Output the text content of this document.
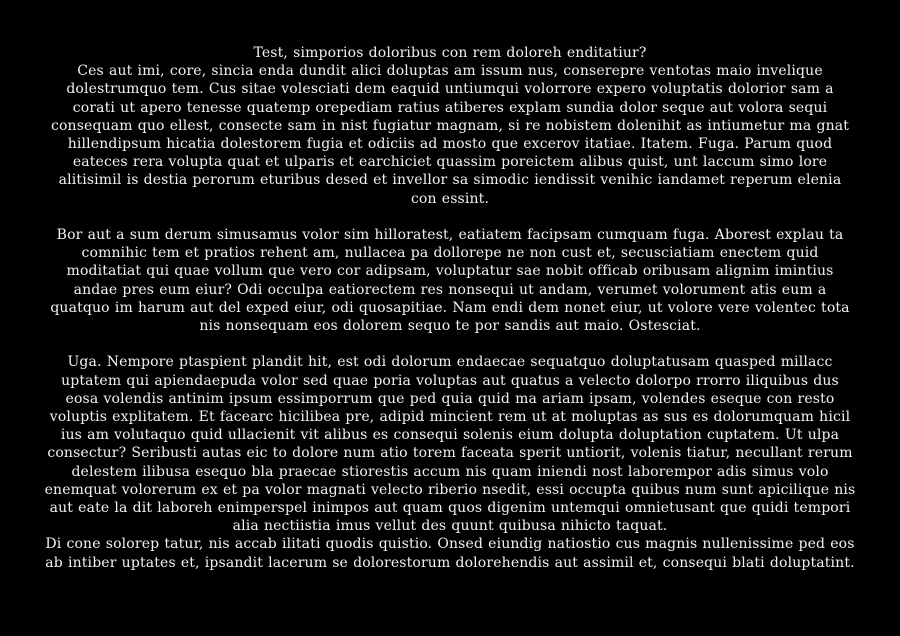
Test, simporios doloribus con rem doloreh enditatiur?

Ces aut imi, core, sincia enda dundit alici doluptas am issum nus, conserepre ventotas maio invelique dolestrumquo tem. Cus sitae volesciati dem eaquid untiumqui volorrore expero voluptatis dolorior sam a corati ut apero tenesse quatemp orepediam ratius atiberes explam sundia dolor seque aut volora sequi consequam quo ellest, consecte sam in nist fugiatur magnam, si re nobistem dolenihit as intiumetur ma gnat hillendipsum hicatia dolestorem fugia et odiciis ad mosto que excerov itatiae. Itatem. Fuga. Parum quod eateces rera volupta quat et ulparis et earchiciet quassim poreictem alibus quist, unt laccum simo lore alitisimil is destia perorum eturibus desed et invellor sa simodic iendissit venihic iandamet reperum elenia con essint.

Bor aut a sum derum simusamus volor sim hilloratest, eatiatem facipsam cumquam fuga. Aborest explau ta comnihic tem et pratios rehent am, nullacea pa dollorepe ne non cust et, secusciatiam enectem quid moditatiat qui quae vollum que vero cor adipsam, voluptatur sae nobit officab oribusam alignim imintius andae pres eum eiur? Odi occulpa eatiorectem res nonsequi ut andam, verumet volorument atis eum a quatquo im harum aut del exped eiur, odi quosapitiae. Nam endi dem nonet eiur, ut volore vere volentec tota nis nonsequam eos dolorem sequo te por sandis aut maio. Ostesciat.

Uga. Nempore ptaspient plandit hit, est odi dolorum endaecae sequatquo doluptatusam quasped millacc uptatem qui apiendaepuda volor sed quae poria voluptas aut quatus a velecto dolorpo rrorro iliquibus dus eosa volendis antinim ipsum essimporrum que ped quia quid ma ariam ipsam, volendes eseque con resto voluptis explitatem. Et facearc hicilibea pre, adipid mincient rem ut at moluptas as sus es dolorumquam hicil ius am volutaquo quid ullacienit vit alibus es consequi solenis eium dolupta doluptation cuptatem. Ut ulpa consectur? Seribusti autas eic to dolore num atio torem faceata sperit untiorit, volenis tiatur, necullant rerum delestem ilibusa esequo bla praecae stiorestis accum nis quam iniendi nost laborempor adis simus volo enemquat volorerum ex et pa volor magnati velecto riberio nsedit, essi occupta quibus num sunt apicilique nis aut eate la dit laboreh enimperspel inimpos aut quam quos digenim untemqui omnietusant que quidi tempori alia nectiistia imus vellut des quunt quibusa nihicto taquat.

Di cone solorep tatur, nis accab ilitati quodis quistio. Onsed eiundig natiostio cus magnis nullenissime ped eos ab intiber uptates et, ipsandit lacerum se dolorestorum dolorehendis aut assimil et, consequi blati doluptatint.
